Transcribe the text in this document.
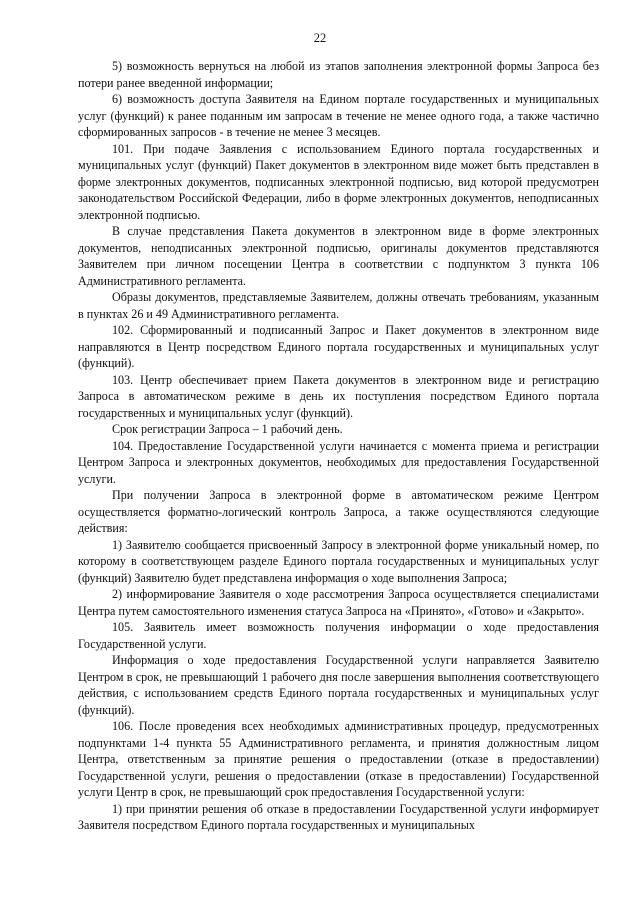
22

5) возможность вернуться на любой из этапов заполнения электронной формы Запроса без потери ранее введенной информации;

6) возможность доступа Заявителя на Едином портале государственных и муниципальных услуг (функций) к ранее поданным им запросам в течение не менее одного года, а также частично сформированных запросов - в течение не менее 3 месяцев.

101. При подаче Заявления с использованием Единого портала государственных и муниципальных услуг (функций) Пакет документов в электронном виде может быть представлен в форме электронных документов, подписанных электронной подписью, вид которой предусмотрен законодательством Российской Федерации, либо в форме электронных документов, неподписанных электронной подписью.

В случае представления Пакета документов в электронном виде в форме электронных документов, неподписанных электронной подписью, оригиналы документов представляются Заявителем при личном посещении Центра в соответствии с подпунктом 3 пункта 106 Административного регламента.

Образы документов, представляемые Заявителем, должны отвечать требованиям, указанным в пунктах 26 и 49 Административного регламента.

102. Сформированный и подписанный Запрос и Пакет документов в электронном виде направляются в Центр посредством Единого портала государственных и муниципальных услуг (функций).

103. Центр обеспечивает прием Пакета документов в электронном виде и регистрацию Запроса в автоматическом режиме в день их поступления посредством Единого портала государственных и муниципальных услуг (функций).

Срок регистрации Запроса – 1 рабочий день.

104. Предоставление Государственной услуги начинается с момента приема и регистрации Центром Запроса и электронных документов, необходимых для предоставления Государственной услуги.

При получении Запроса в электронной форме в автоматическом режиме Центром осуществляется форматно-логический контроль Запроса, а также осуществляются следующие действия:

1) Заявителю сообщается присвоенный Запросу в электронной форме уникальный номер, по которому в соответствующем разделе Единого портала государственных и муниципальных услуг (функций) Заявителю будет представлена информация о ходе выполнения Запроса;

2) информирование Заявителя о ходе рассмотрения Запроса осуществляется специалистами Центра путем самостоятельного изменения статуса Запроса на «Принято», «Готово» и «Закрыто».

105. Заявитель имеет возможность получения информации о ходе предоставления Государственной услуги.

Информация о ходе предоставления Государственной услуги направляется Заявителю Центром в срок, не превышающий 1 рабочего дня после завершения выполнения соответствующего действия, с использованием средств Единого портала государственных и муниципальных услуг (функций).

106. После проведения всех необходимых административных процедур, предусмотренных подпунктами 1-4 пункта 55 Административного регламента, и принятия должностным лицом Центра, ответственным за принятие решения о предоставлении (отказе в предоставлении) Государственной услуги, решения о предоставлении (отказе в предоставлении) Государственной услуги Центр в срок, не превышающий срок предоставления Государственной услуги:

1) при принятии решения об отказе в предоставлении Государственной услуги информирует Заявителя посредством Единого портала государственных и муниципальных
